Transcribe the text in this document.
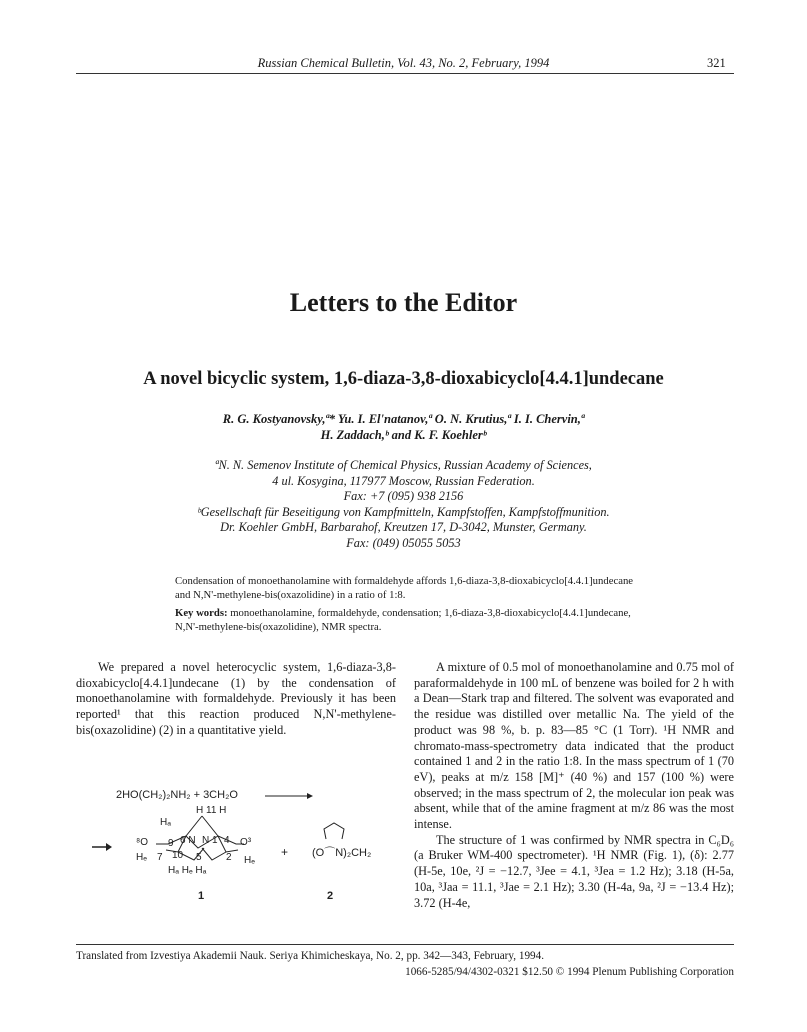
Russian Chemical Bulletin, Vol. 43, No. 2, February, 1994	321
Letters to the Editor
A novel bicyclic system, 1,6-diaza-3,8-dioxabicyclo[4.4.1]undecane
R. G. Kostyanovsky,ª* Yu. I. El'natanov,ª O. N. Krutius,ª I. I. Chervin,ª
H. Zaddach,ᵇ and K. F. Koehlerᵇ
ªN. N. Semenov Institute of Chemical Physics, Russian Academy of Sciences,
4 ul. Kosygina, 117977 Moscow, Russian Federation.
Fax: +7 (095) 938 2156
ᵇGesellschaft für Beseitigung von Kampfmitteln, Kampfstoffen, Kampfstoffmunition.
Dr. Koehler GmbH, Barbarahof, Kreutzen 17, D-3042, Munster, Germany.
Fax: (049) 05055 5053
Condensation of monoethanolamine with formaldehyde affords 1,6-diaza-3,8-dioxabicyclo[4.4.1]undecane and N,N'-methylene-bis(oxazolidine) in a ratio of 1:8.
Key words: monoethanolamine, formaldehyde, condensation; 1,6-diaza-3,8-dioxabicyclo[4.4.1]undecane, N,N'-methylene-bis(oxazolidine), NMR spectra.

We prepared a novel heterocyclic system, 1,6-diaza-3,8-dioxabicyclo[4.4.1]undecane (1) by the condensation of monoethanolamine with formaldehyde. Previously it has been reported¹ that this reaction produced N,N'-methylene-bis(oxazolidine) (2) in a quantitative yield.

2HO(CH₂)₂NH₂ + 3CH₂O
H 11 H
Hₐ
⁸O	6 N N 1 4 O³
Hₑ 7 10
9
5 2 Hₑ
Hₐ Hₑ Hₐ
+ (O⌒N)₂CH₂
1	2

A mixture of 0.5 mol of monoethanolamine and 0.75 mol of paraformaldehyde in 100 mL of benzene was boiled for 2 h with a Dean—Stark trap and filtered. The solvent was evaporated and the residue was distilled over metallic Na. The yield of the product was 98 %, b. p. 83—85 °C (1 Torr). ¹H NMR and chromato-mass-spectrometry data indicated that the product contained 1 and 2 in the ratio 1:8. In the mass spectrum of 1 (70 eV), peaks at m/z 158 [M]⁺ (40 %) and 157 (100 %) were observed; in the mass spectrum of 2, the molecular ion peak was absent, while that of the amine fragment at m/z 86 was the most intense.

The structure of 1 was confirmed by NMR spectra in C₆D₆ (a Bruker WM-400 spectrometer). ¹H NMR (Fig. 1), (δ): 2.77 (H-5e, 10e, ²J = −12.7, ³Jee = 4.1, ³Jea = 1.2 Hz); 3.18 (H-5a, 10a, ³Jaa = 11.1, ³Jae = 2.1 Hz); 3.30 (H-4a, 9a, ²J = −13.4 Hz); 3.72 (H-4e,

Translated from Izvestiya Akademii Nauk. Seriya Khimicheskaya, No. 2, pp. 342—343, February, 1994.
1066-5285/94/4302-0321 $12.50 © 1994 Plenum Publishing Corporation
